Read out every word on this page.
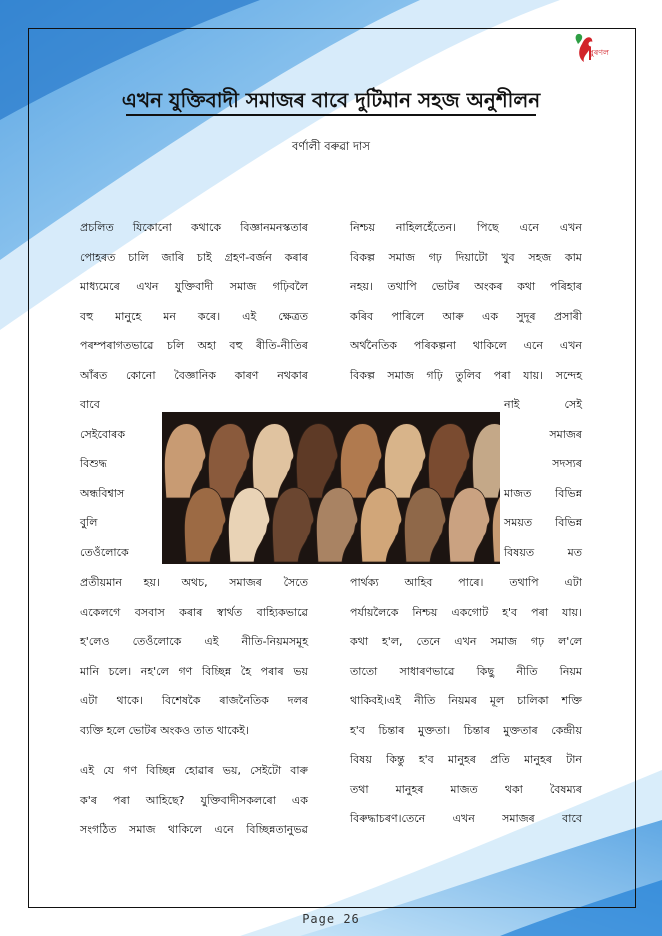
ম্বুৰণল
এখন যুক্তিবাদী সমাজৰ বাবে দুটিমান সহজ অনুশীলন
বৰ্ণালী বৰুৱা দাস
প্ৰচলিত যিকোনো কথাকে বিজ্ঞানমনস্কতাৰ
পোহৰত চালি জাৰি চাই গ্ৰহণ-বৰ্জন কৰাৰ
মাধ্যমেৰে এখন যুক্তিবাদী সমাজ গঢ়িবলৈ
বহু মানুহে মন কৰে। এই ক্ষেত্ৰত
পৰম্পৰাগতভাৱে চলি অহা বহু ৰীতি-নীতিৰ
আঁৰত কোনো বৈজ্ঞানিক কাৰণ নথকাৰ
বাবে
সেইবোৰক
বিশুদ্ধ
অন্ধবিশ্বাস
বুলি
তেওঁলোকে
প্ৰতীয়মান হয়। অথচ, সমাজৰ সৈতে
একেলগে বসবাস কৰাৰ স্বাৰ্থত বাহ্যিকভাৱে
হ'লেও তেওঁলোকে এই নীতি-নিয়মসমূহ
মানি চলে। নহ'লে গণ বিচ্ছিন্ন হৈ পৰাৰ ভয়
এটা থাকে। বিশেষকৈ ৰাজনৈতিক দলৰ
ব্যক্তি হলে ভোটৰ অংকও তাত থাকেই।
এই যে গণ বিচ্ছিন্ন হোৱাৰ ভয়, সেইটো বাৰু
ক'ৰ পৰা আহিছে? যুক্তিবাদীসকলৰো এক
সংগঠিত সমাজ থাকিলে এনে বিচ্ছিন্নতানুভৱ
নিশ্চয় নাহিলহেঁতেন। পিছে এনে এখন
বিকল্প সমাজ গঢ় দিয়াটো খুব সহজ কাম
নহয়। তথাপি ভোটৰ অংকৰ কথা পৰিহাৰ
কৰিব পাৰিলে আৰু এক সুদূৰ প্ৰসাৰী
অৰ্থনৈতিক পৰিকল্পনা থাকিলে এনে এখন
বিকল্প সমাজ গঢ়ি তুলিব পৰা যায়। সন্দেহ
নাই	সেই
সমাজৰ
সদস্যৰ
মাজত বিভিন্ন
সময়ত বিভিন্ন
বিষয়ত	মত
পাৰ্থক্য আহিব পাৰে। তথাপি এটা
পৰ্যায়লৈকে নিশ্চয় একগোট হ'ব পৰা যায়।
কথা হ'ল, তেনে এখন সমাজ গঢ় ল'লে
তাতো সাধাৰণভাৱে কিছু নীতি নিয়ম
থাকিবই।এই নীতি নিয়মৰ মূল চালিকা শক্তি
হ'ব চিন্তাৰ মুক্ততা। চিন্তাৰ মুক্ততাৰ কেন্দ্ৰীয়
বিষয় কিন্তু হ'ব মানুহৰ প্ৰতি মানুহৰ টান
তথা মানুহৰ মাজত থকা বৈষম্যৰ
বিৰুদ্ধাচৰণ।তেনে এখন সমাজৰ বাবে
Page 26
